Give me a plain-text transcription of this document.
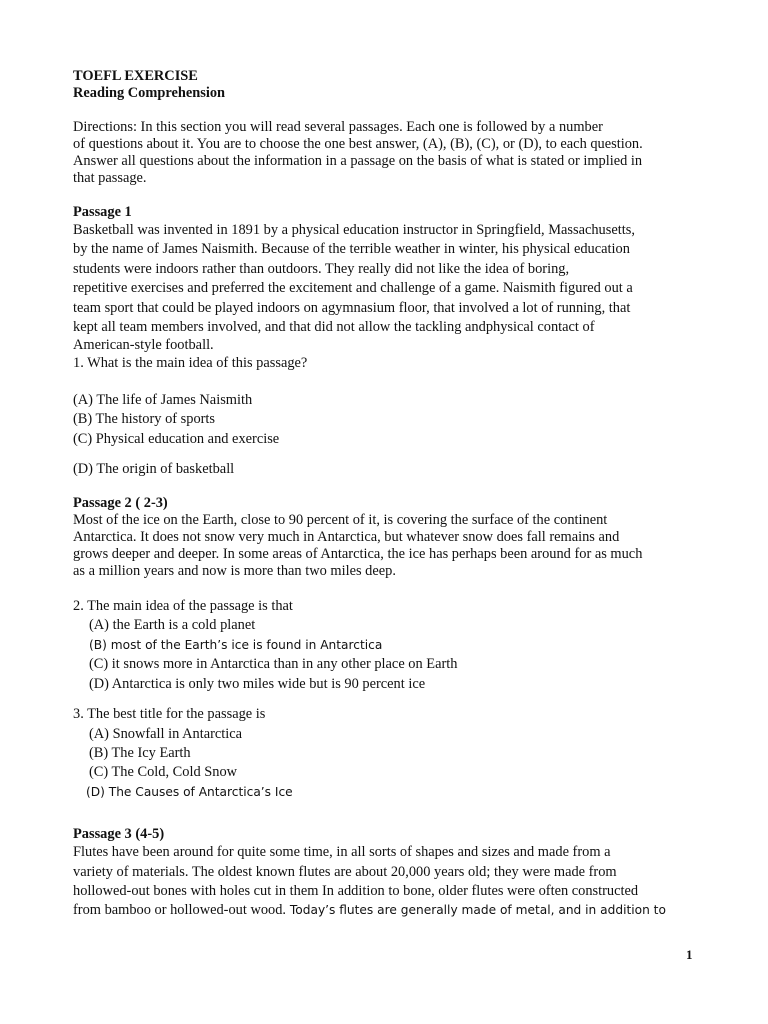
TOEFL EXERCISE
Reading Comprehension
Directions: In this section you will read several passages. Each one is followed by a number
of questions about it. You are to choose the one best answer, (A), (B), (C), or (D), to each question.
Answer all questions about the information in a passage on the basis of what is stated or implied in
that passage.
Passage 1
Basketball was invented in 1891 by a physical education instructor in Springfield, Massachusetts,
by the name of James Naismith. Because of the terrible weather in winter, his physical education
students were indoors rather than outdoors. They really did not like the idea of boring,
repetitive exercises and preferred the excitement and challenge of a game. Naismith figured out a
team sport that could be played indoors on agymnasium floor, that involved a lot of running, that
kept all team members involved, and that did not allow the tackling andphysical contact of
American-style football.
1. What is the main idea of this passage?
(A) The life of James Naismith
(B) The history of sports
(C) Physical education and exercise
(D) The origin of basketball
Passage 2 ( 2-3)
Most of the ice on the Earth, close to 90 percent of it, is covering the surface of the continent
Antarctica. It does not snow very much in Antarctica, but whatever snow does fall remains and
grows deeper and deeper. In some areas of Antarctica, the ice has perhaps been around for as much
as a million years and now is more than two miles deep.
2. The main idea of the passage is that
(A) the Earth is a cold planet
(B) most of the Earth’s ice is found in Antarctica
(C) it snows more in Antarctica than in any other place on Earth
(D) Antarctica is only two miles wide but is 90 percent ice
3. The best title for the passage is
(A) Snowfall in Antarctica
(B) The Icy Earth
(C) The Cold, Cold Snow
(D) The Causes of Antarctica’s Ice
Passage 3 (4-5)
Flutes have been around for quite some time, in all sorts of shapes and sizes and made from a
variety of materials. The oldest known flutes are about 20,000 years old; they were made from
hollowed-out bones with holes cut in them In addition to bone, older flutes were often constructed
from bamboo or hollowed-out wood. Today’s flutes are generally made of metal, and in addition to
1
